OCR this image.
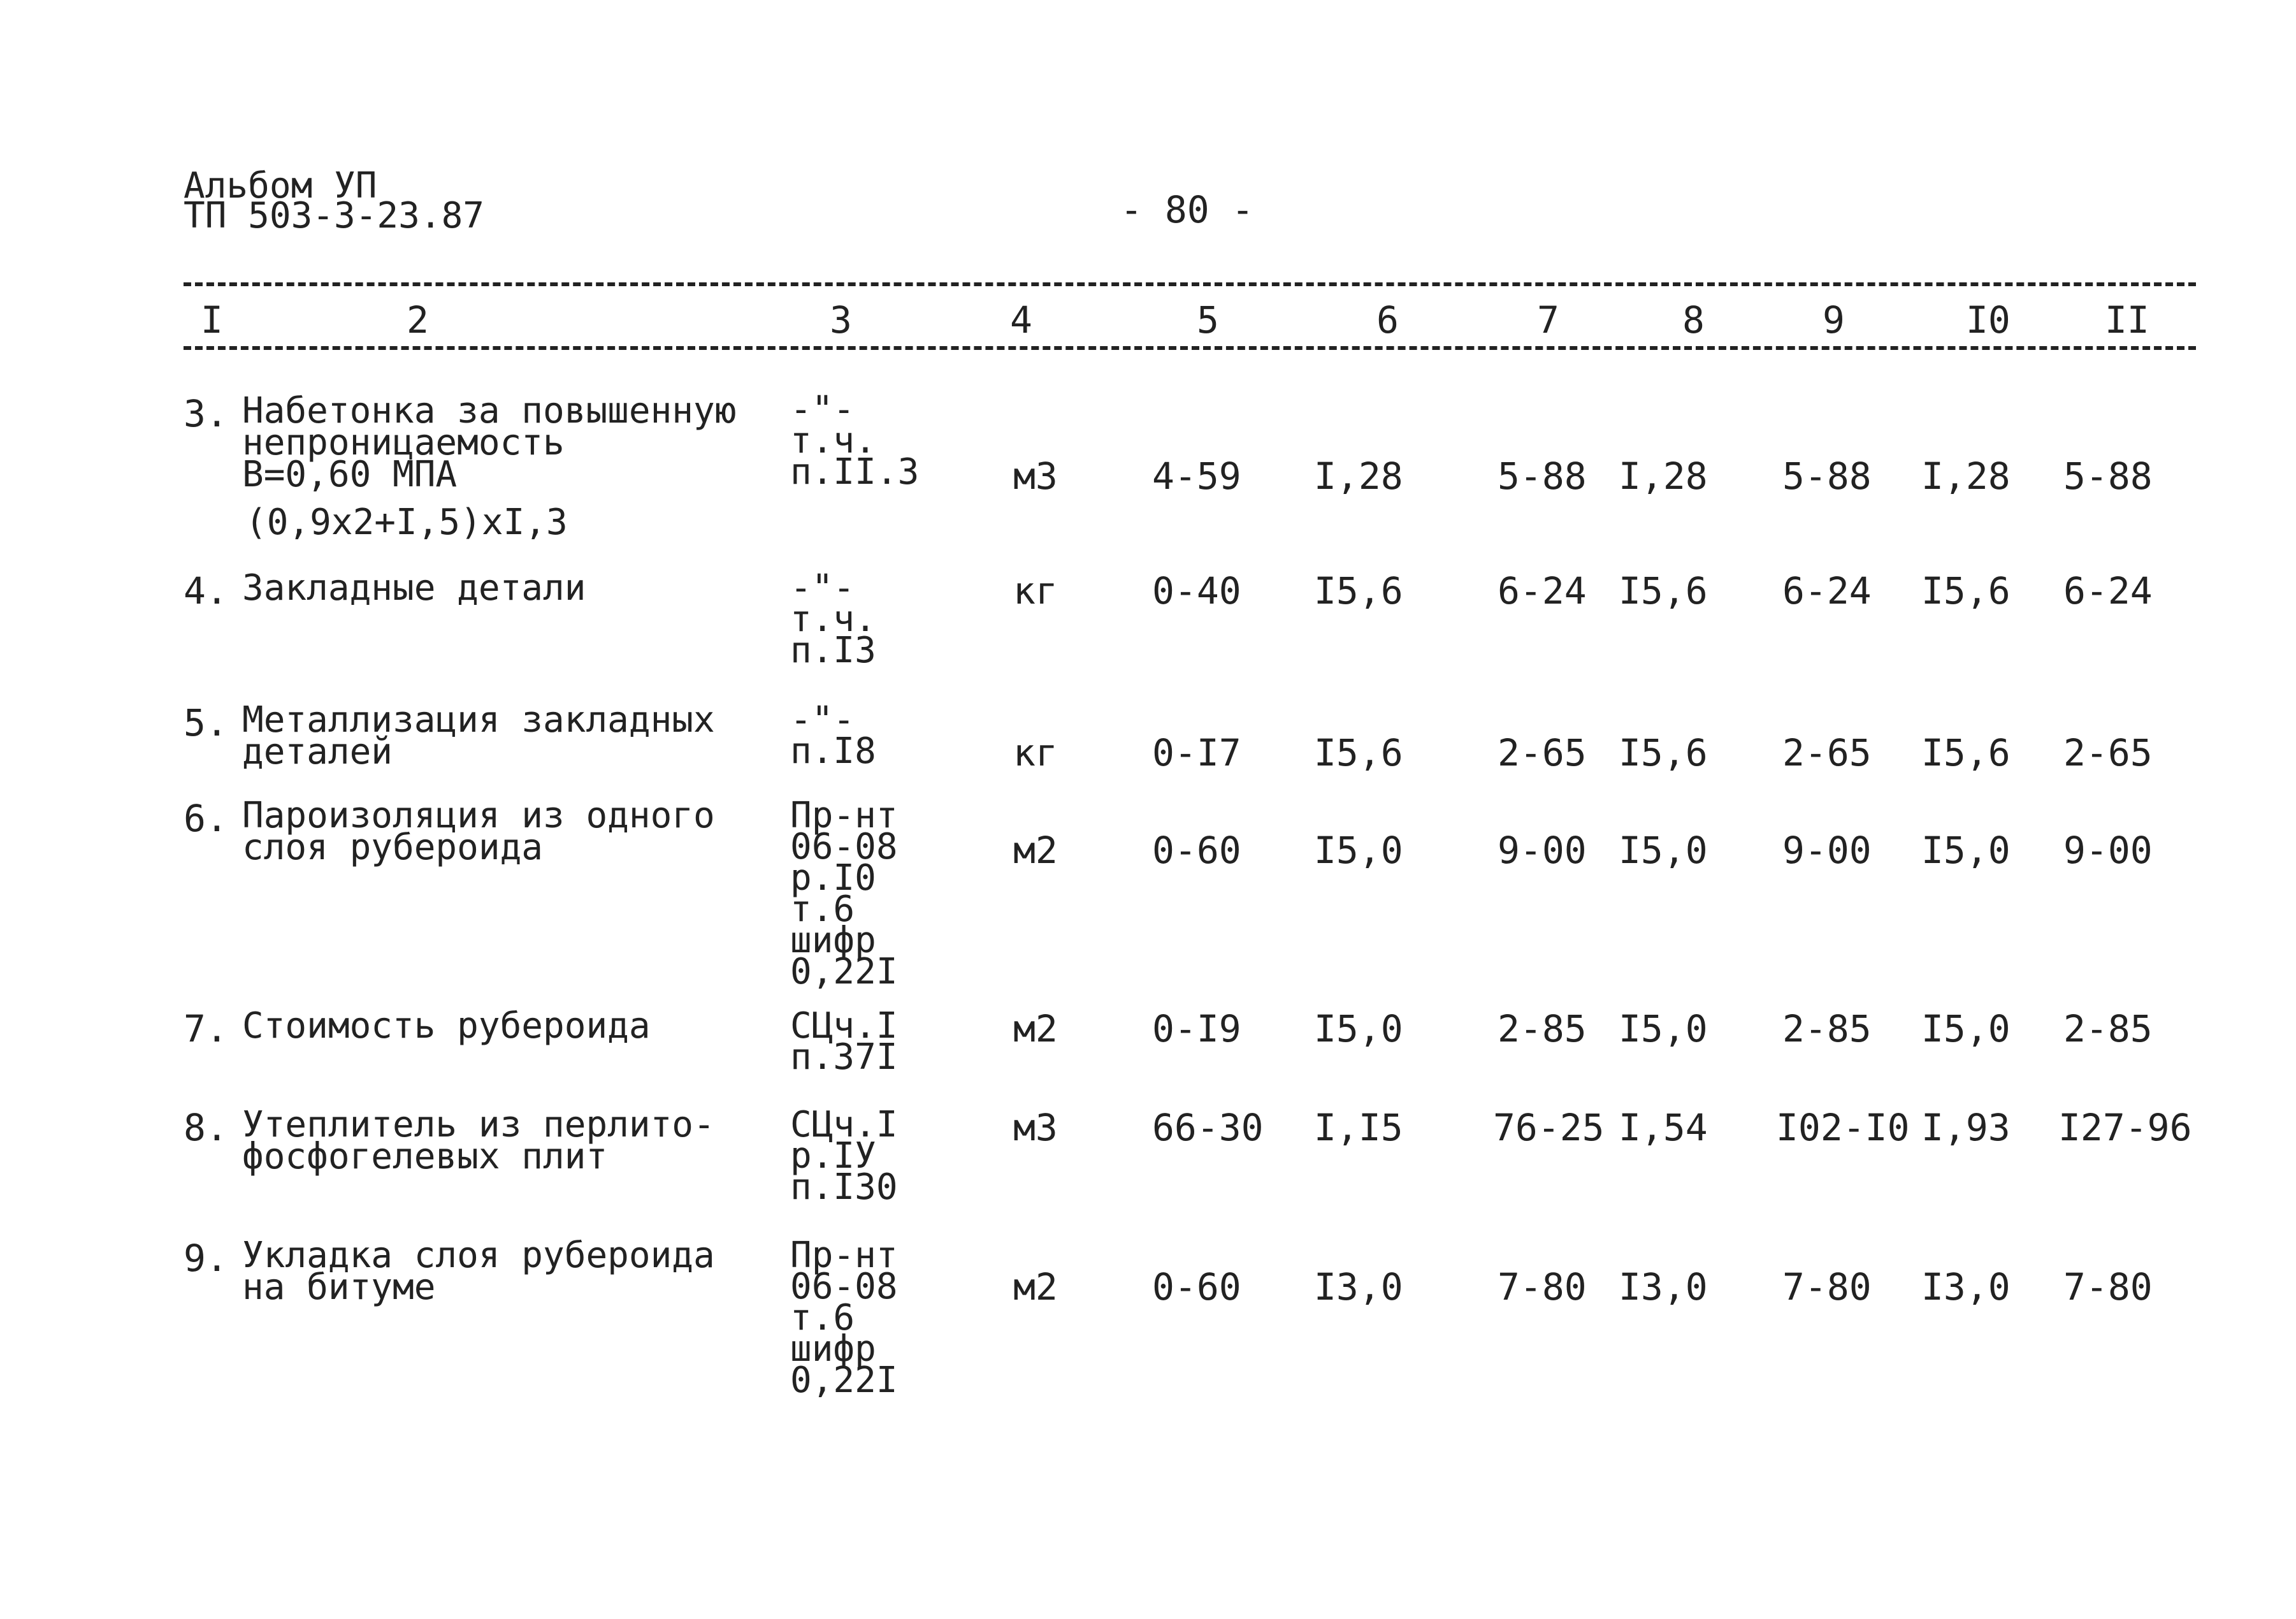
Альбом УП
ТП 503-3-23.87	- 80 -
I	2	3	4	5	6	7	8	9	I0	II
3. Набетонка за повышенную
непроницаемость
В=0,60 МПА
(0,9х2+I,5)хI,3
-"-
т.ч.
п.II.3	м3	4-59 I,28	5-88 I,28 5-88 I,28 5-88
4. Закладные детали	-"-
т.ч.
п.I3
кг	0-40 I5,6	6-24 I5,6 6-24 I5,6 6-24
5. Металлизация закладных
деталей
-"-
п.I8	кг	0-I7 I5,6	2-65 I5,6 2-65 I5,6 2-65
6. Пароизоляция из одного
слоя рубероида
Пр-нт
06-08
р.I0
т.6
шифр
0,22I
м2	0-60 I5,0	9-00 I5,0 9-00 I5,0 9-00
7. Стоимость рубероида	СЦч.I
п.37I
м2	0-I9 I5,0	2-85 I5,0 2-85 I5,0 2-85
8. Утеплитель из перлито-
фосфогелевых плит
СЦч.I
р.IУ
п.I30
м3	66-30 I,I5 76-25 I,54 I02-I0 I,93 I27-96
9. Укладка слоя рубероида
на битуме
Пр-нт
06-08
т.6
шифр
0,22I
м2	0-60 I3,0	7-80 I3,0 7-80 I3,0 7-80
